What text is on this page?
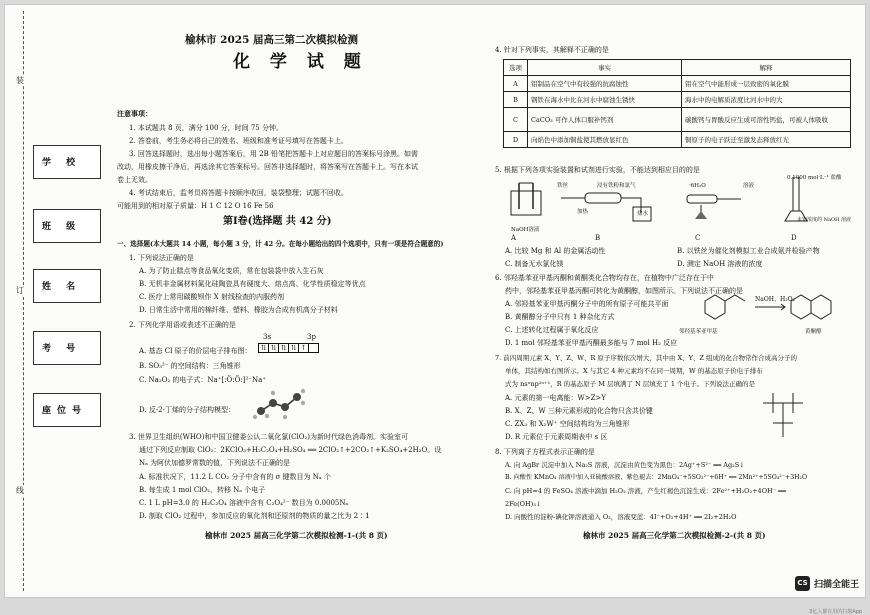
装
订
线
学 校
班 级
姓 名
考 号
座位号
榆林市 2025 届高三第二次模拟检测
化 学 试 题
注意事项：
1. 本试题共 8 页，满分 100 分，时间 75 分钟。
2. 答卷前，考生务必将自己的姓名、班级和准考证号填写在答题卡上。
3. 回答选择题时，选出每小题答案后，用 2B 铅笔把答题卡上对应题目的答案标号涂黑。如需
改动，用橡皮擦干净后，再选涂其它答案标号。回答非选择题时，将答案写在答题卡上。写在本试
卷上无效。
4. 考试结束后，监考员将答题卡按顺序收回，装袋整理；试题不回收。
可能用到的相对原子质量：H 1 C 12 O 16 Fe 56
第Ⅰ卷(选择题 共 42 分)
一、选择题(本大题共 14 小题，每小题 3 分，计 42 分。在每小题给出的四个选项中，只有一项是符合题意的)
1. 下列说法正确的是
A. 为了防止糕点等食品氧化变质，常在包装袋中放入生石灰
B. 无机非金属材料氮化硅陶瓷具有硬度大、熔点高、化学性质稳定等优点
C. 医疗上常用碳酸钡作 X 射线检查的内服药剂
D. 日常生活中常用的棉纤维、塑料、橡胶为合成有机高分子材料
2. 下列化学用语或表述不正确的是
3s	3p
A. 基态 Cl 原子的价层电子排布图： ⇅ ⇅ ⇅ ⇅ ↑
B. SO₃²⁻ 的空间结构：三角锥形
C. Na₂O₂ 的电子式：Na⁺[:Ö:Ö:]²⁻Na⁺
D. 反-2-丁烯的分子结构模型：
3. 世界卫生组织(WHO)和中国卫健委公认二氧化氯(ClO₂)为新时代绿色消毒剂。实验室可
通过下列反应制取 ClO₂：2KClO₃+H₂C₂O₄+H₂SO₄ ══ 2ClO₂↑+2CO₂↑+K₂SO₄+2H₂O。设
Nₐ 为阿伏加德罗常数的值，下列说法不正确的是
A. 标准状况下，11.2 L CO₂ 分子中含有的 σ 键数目为 Nₐ 个
B. 每生成 1 mol ClO₂，转移 Nₐ 个电子
C. 1 L pH=3.0 的 H₂C₂O₄ 溶液中含有 C₂O₄²⁻ 数目为 0.0005Nₐ
D. 制取 ClO₂ 过程中，参加反应的氧化剂和还原剂的物质的量之比为 2∶1
榆林市 2025 届高三化学第二次模拟检测-1-(共 8 页)
4. 针对下列事实，其解释不正确的是
选项	事实	解释
A	铝制品在空气中有较强的抗腐蚀性	铝在空气中能形成一层致密的氧化膜
B	钢铁在海水中比在河水中腐蚀生锈快	海水中的电解质浓度比河水中的大
C	CaCO₃ 可作人体口服补钙剂	碳酸钙与胃酸反应生成可溶性钙盐，可被人体吸收
D	向焰色中添加铜盐使其燃放显红色	铜原子的电子跃迁至激发态释放红光
5. 根据下列各项实验装置和试剂进行实验，不能达到相应目的的是
NaOH溶液
铁丝	浸有铁粉和氯气
加热	盐水
·6H₂O	溶液
0.1000 mol·L⁻¹ 盐酸
未知浓度的 NaOH 溶液
A	B	C	D
A. 比较 Mg 和 Al 的金属活动性	B. 以铁丝为催化剂模拟工业合成氨并检验产物
C. 制备无水氯化镁	D. 测定 NaOH 溶液的浓度
6. 邻羟基苯亚甲基丙酮和黄酮类化合物均存在，在植物中广泛存在于中
药中，邻羟基苯亚甲基丙酮可转化为黄酮醇，如图所示。下列说法不正确的是
A. 邻羟基苯亚甲基丙酮分子中的所有原子可能共平面
B. 黄酮醇分子中只有 1 种杂化方式
C. 上述转化过程属于氧化反应
D. 1 mol 邻羟基苯亚甲基丙酮最多能与 7 mol H₂ 反应
NaOH、H₂O₂
邻羟基苯亚甲基	黄酮醇
7. 前四周期元素 X、Y、Z、W、R 原子序数依次增大，其中由 X、Y、Z 组成的化合物常作合成高分子的
单体，其结构如右图所示。X 与其它 4 种元素均不在同一周期，W 的基态原子价电子排布
式为 nsⁿnp²ⁿ⁺¹，R 的基态原子 M 层填满了 N 层填充了 1 个电子。下列说法正确的是
A. 元素的第一电离能：W>Z>Y
B. X、Z、W 三种元素形成的化合物只含共价键
C. ZX₃ 和 X₂W⁺ 空间结构均为三角锥形
D. R 元素位于元素周期表中 s 区
8. 下列离子方程式表示正确的是
A. 向 AgBr 沉淀中加入 Na₂S 溶液，沉淀由黄色变为黑色：2Ag⁺+S²⁻ ══ Ag₂S↓
B. 向酸性 KMnO₄ 溶液中加入亚硫酸溶液，紫色褪去：2MnO₄⁻+5SO₃²⁻+6H⁺ ══ 2Mn²⁺+5SO₄²⁻+3H₂O
C. 向 pH=4 的 FeSO₄ 溶液中滴加 H₂O₂ 溶液，产生红褐色沉淀生成：2Fe²⁺+H₂O₂+4OH⁻ ══
2Fe(OH)₃↓
D. 向酸性的淀粉-碘化钾溶液通入 O₂，溶液变蓝：4I⁻+O₂+4H⁺ ══ 2I₂+2H₂O
榆林市 2025 届高三化学第二次模拟检测-2-(共 8 页)
CS 扫描全能王
3亿人都在用的扫描App
